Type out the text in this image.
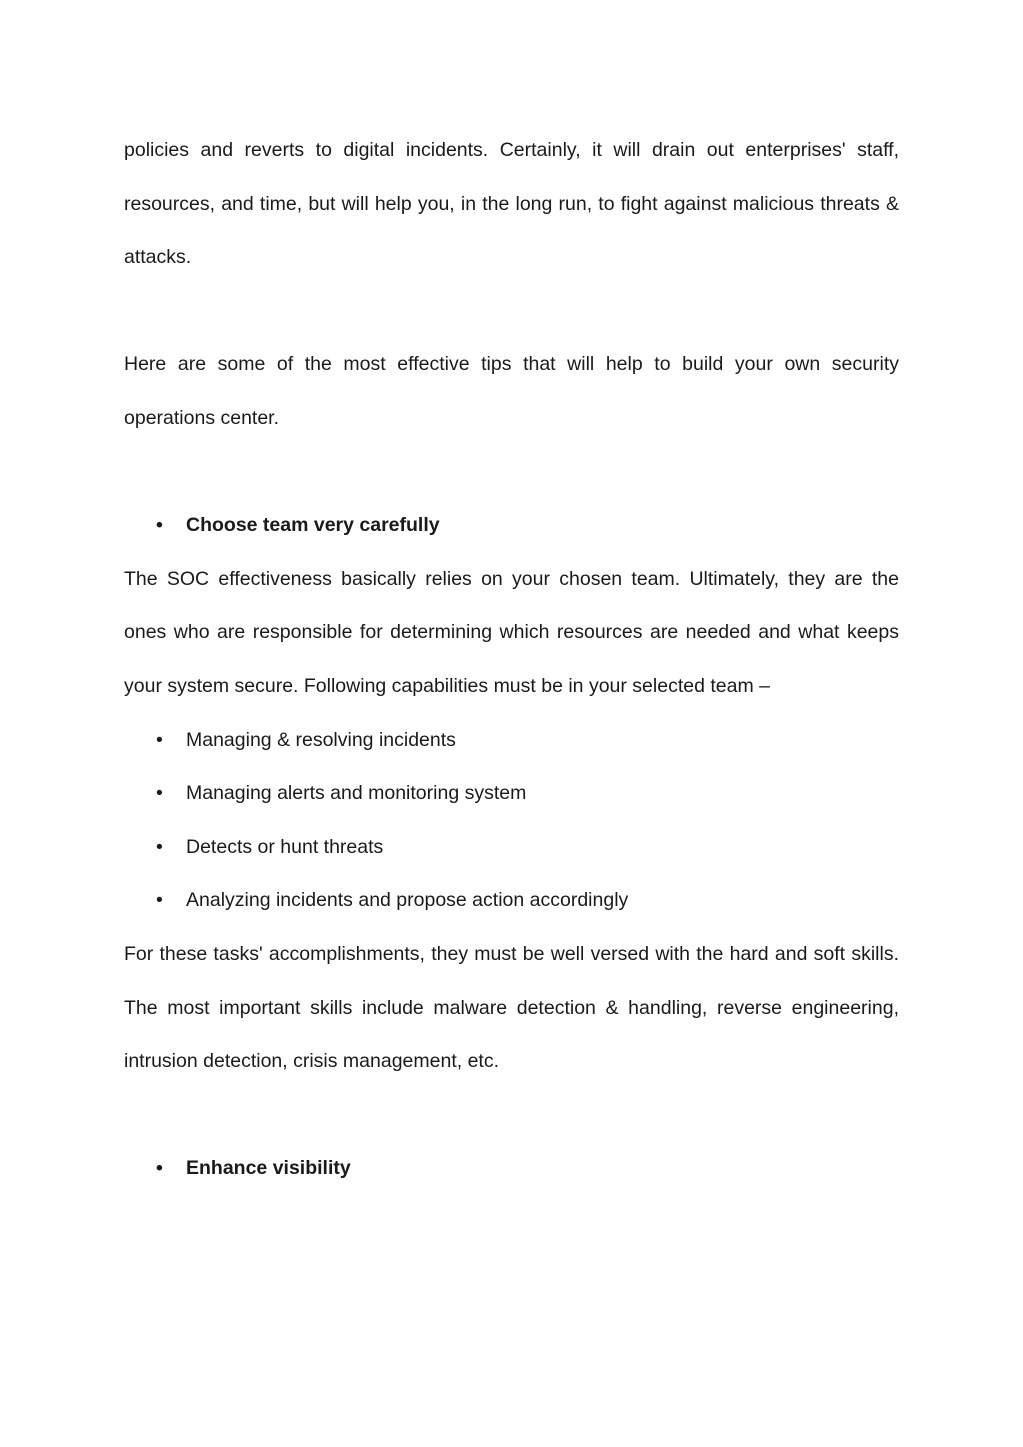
policies and reverts to digital incidents. Certainly, it will drain out enterprises' staff, resources, and time, but will help you, in the long run, to fight against malicious threats & attacks.

Here are some of the most effective tips that will help to build your own security operations center.

• Choose team very carefully

The SOC effectiveness basically relies on your chosen team. Ultimately, they are the ones who are responsible for determining which resources are needed and what keeps your system secure. Following capabilities must be in your selected team –

• Managing & resolving incidents
• Managing alerts and monitoring system
• Detects or hunt threats
• Analyzing incidents and propose action accordingly

For these tasks' accomplishments, they must be well versed with the hard and soft skills. The most important skills include malware detection & handling, reverse engineering, intrusion detection, crisis management, etc.

• Enhance visibility
